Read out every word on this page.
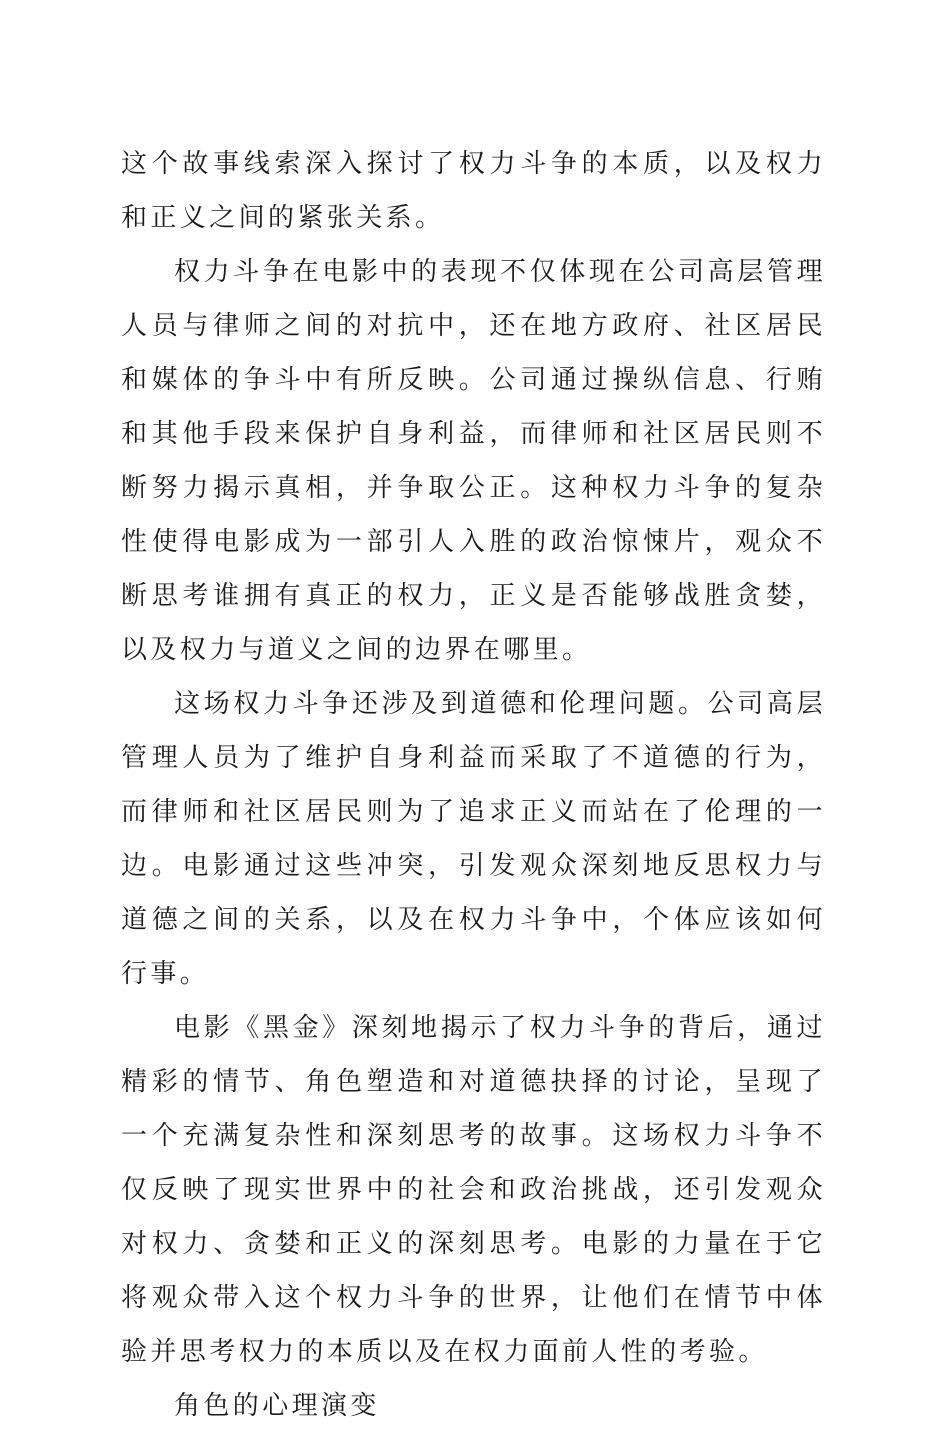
这个故事线索深入探讨了权力斗争的本质，以及权力和正义之间的紧张关系。

权力斗争在电影中的表现不仅体现在公司高层管理人员与律师之间的对抗中，还在地方政府、社区居民和媒体的争斗中有所反映。公司通过操纵信息、行贿和其他手段来保护自身利益，而律师和社区居民则不断努力揭示真相，并争取公正。这种权力斗争的复杂性使得电影成为一部引人入胜的政治惊悚片，观众不断思考谁拥有真正的权力，正义是否能够战胜贪婪，以及权力与道义之间的边界在哪里。

这场权力斗争还涉及到道德和伦理问题。公司高层管理人员为了维护自身利益而采取了不道德的行为，而律师和社区居民则为了追求正义而站在了伦理的一边。电影通过这些冲突，引发观众深刻地反思权力与道德之间的关系，以及在权力斗争中，个体应该如何行事。

电影《黑金》深刻地揭示了权力斗争的背后，通过精彩的情节、角色塑造和对道德抉择的讨论，呈现了一个充满复杂性和深刻思考的故事。这场权力斗争不仅反映了现实世界中的社会和政治挑战，还引发观众对权力、贪婪和正义的深刻思考。电影的力量在于它将观众带入这个权力斗争的世界，让他们在情节中体验并思考权力的本质以及在权力面前人性的考验。

角色的心理演变
